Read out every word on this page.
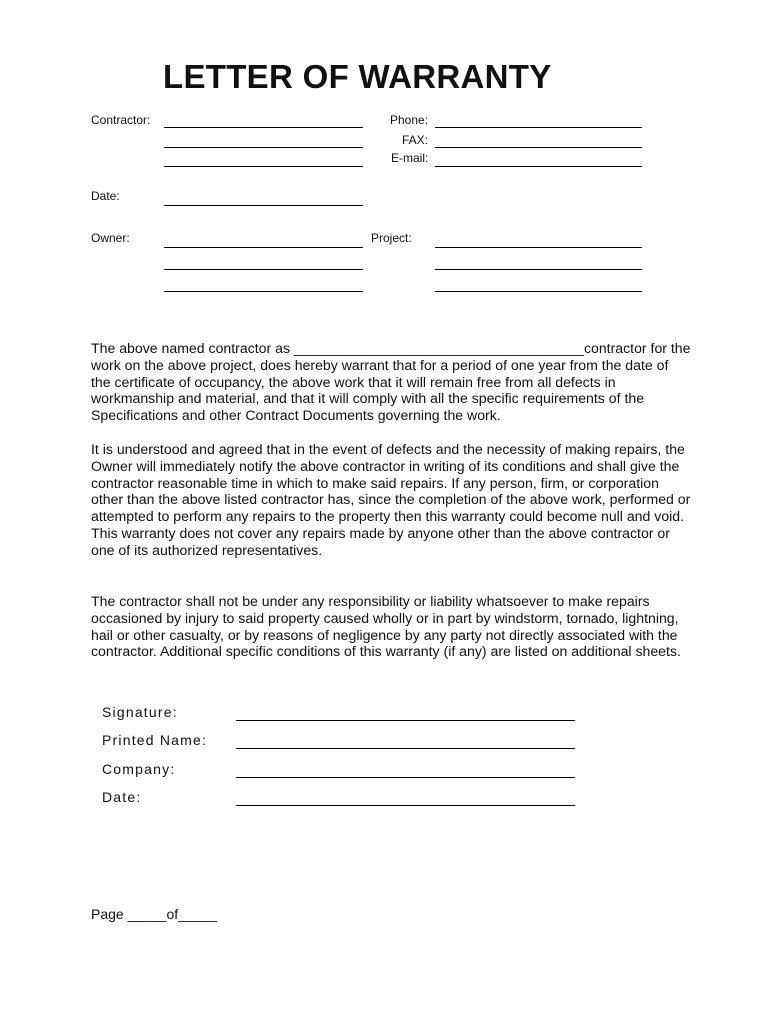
LETTER OF WARRANTY
Contractor:	Phone:
FAX:
E-mail:
Date:
Owner:	Project:

The above named contractor as _____________________________________contractor for the work on the above project, does hereby warrant that for a period of one year from the date of the certificate of occupancy, the above work that it will remain free from all defects in workmanship and material, and that it will comply with all the specific requirements of the Specifications and other Contract Documents governing the work.

It is understood and agreed that in the event of defects and the necessity of making repairs, the Owner will immediately notify the above contractor in writing of its conditions and shall give the contractor reasonable time in which to make said repairs. If any person, firm, or corporation other than the above listed contractor has, since the completion of the above work, performed or attempted to perform any repairs to the property then this warranty could become null and void. This warranty does not cover any repairs made by anyone other than the above contractor or one of its authorized representatives.

The contractor shall not be under any responsibility or liability whatsoever to make repairs occasioned by injury to said property caused wholly or in part by windstorm, tornado, lightning, hail or other casualty, or by reasons of negligence by any party not directly associated with the contractor. Additional specific conditions of this warranty (if any) are listed on additional sheets.

Signature:
Printed Name:
Company:
Date:
Page _____of_____
